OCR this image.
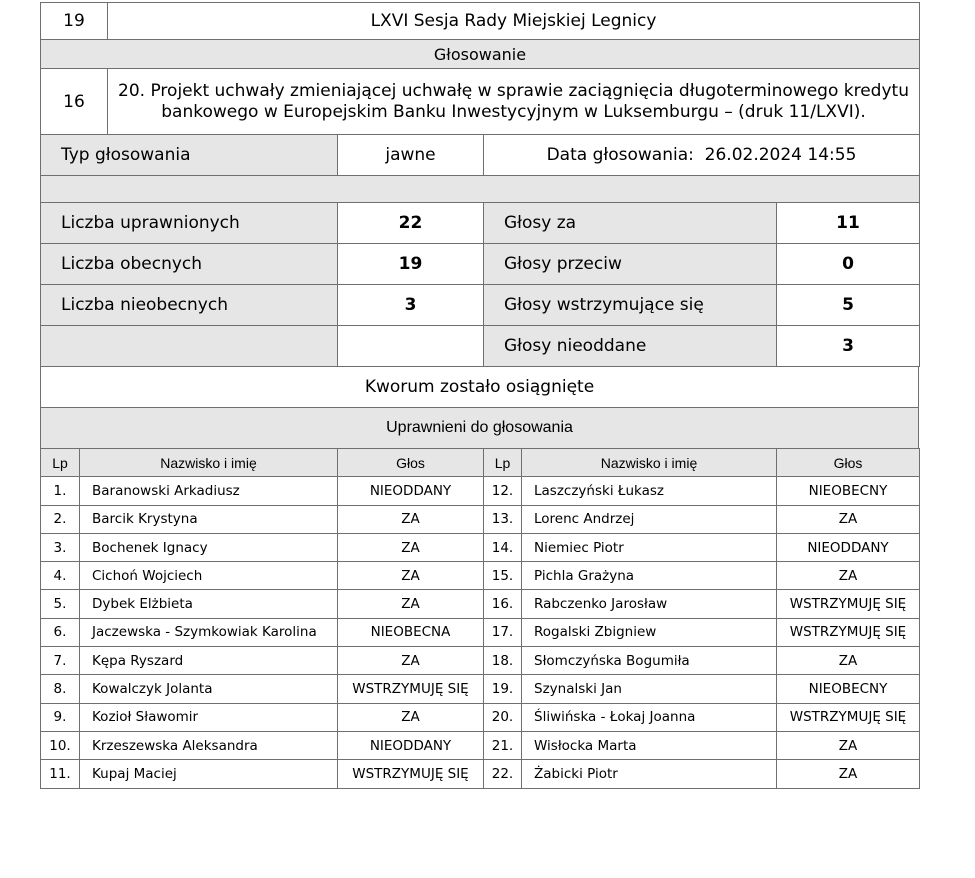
19	LXVI Sesja Rady Miejskiej Legnicy
Głosowanie	
16	20. Projekt uchwały zmieniającej uchwałę w sprawie zaciągnięcia długoterminowego kredytu
bankowego w Europejskim Banku Inwestycyjnym w Luksemburgu – (druk 11/LXVI).
Typ głosowania	jawne	Data głosowania: 26.02.2024 14:55

Liczba uprawnionych	22	Głosy za	11
Liczba obecnych	19	Głosy przeciw	0
Liczba nieobecnych	3	Głosy wstrzymujące się	5
		Głosy nieoddane	3
Kworum zostało osiągnięte
Uprawnieni do głosowania
Lp	Nazwisko i imię	Głos	Lp	Nazwisko i imię	Głos
1.	Baranowski Arkadiusz	NIEODDANY	12.	Laszczyński Łukasz	NIEOBECNY
2.	Barcik Krystyna	ZA	13.	Lorenc Andrzej	ZA
3.	Bochenek Ignacy	ZA	14.	Niemiec Piotr	NIEODDANY
4.	Cichoń Wojciech	ZA	15.	Pichla Grażyna	ZA
5.	Dybek Elżbieta	ZA	16.	Rabczenko Jarosław	WSTRZYMUJĘ SIĘ
6.	Jaczewska - Szymkowiak Karolina	NIEOBECNA	17.	Rogalski Zbigniew	WSTRZYMUJĘ SIĘ
7.	Kępa Ryszard	ZA	18.	Słomczyńska Bogumiła	ZA
8.	Kowalczyk Jolanta	WSTRZYMUJĘ SIĘ	19.	Szynalski Jan	NIEOBECNY
9.	Kozioł Sławomir	ZA	20.	Śliwińska - Łokaj Joanna	WSTRZYMUJĘ SIĘ
10.	Krzeszewska Aleksandra	NIEODDANY	21.	Wisłocka Marta	ZA
11.	Kupaj Maciej	WSTRZYMUJĘ SIĘ	22.	Żabicki Piotr	ZA
